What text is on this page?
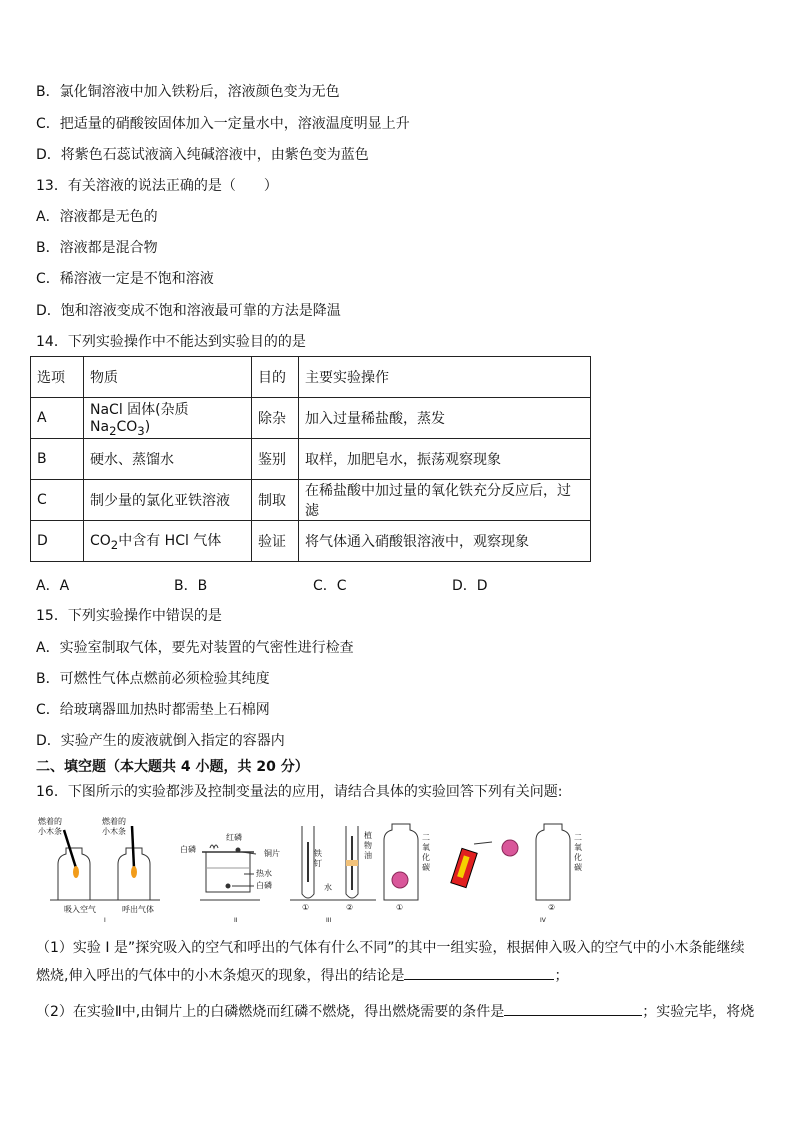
B．氯化铜溶液中加入铁粉后，溶液颜色变为无色
C．把适量的硝酸铵固体加入一定量水中，溶液温度明显上升
D．将紫色石蕊试液滴入纯碱溶液中，由紫色变为蓝色
13．有关溶液的说法正确的是（　　）
A．溶液都是无色的
B．溶液都是混合物
C．稀溶液一定是不饱和溶液
D．饱和溶液变成不饱和溶液最可靠的方法是降温
14．下列实验操作中不能达到实验目的的是
选项	物质	目的	主要实验操作
A	NaCl 固体(杂质 $Na_2CO_3$)	除杂	加入过量稀盐酸，蒸发
B	硬水、蒸馏水	鉴别	取样，加肥皂水，振荡观察现象
C	制少量的氯化亚铁溶液	制取	在稀盐酸中加过量的氧化铁充分反应后，过滤
D	$CO_2$中含有 HCl 气体	验证	将气体通入硝酸银溶液中，观察现象
A．A	B．B	C．C	D．D
15．下列实验操作中错误的是
A．实验室制取气体，要先对装置的气密性进行检查
B．可燃性气体点燃前必须检验其纯度
C．给玻璃器皿加热时都需垫上石棉网
D．实验产生的废液就倒入指定的容器内
二、填空题（本大题共 4 小题，共 20 分）
16．下图所示的实验都涉及控制变量法的应用，请结合具体的实验回答下列有关问题:
燃着的
小木条
燃着的
小木条
吸入空气	呼出气体
I
红磷
白磷	铜片
热水
白磷
II
铁
钉
水
植
物
油
①	②
III
二
氧
化
碳
①
二
氧
化
碳
②
IV
（1）实验 I 是”探究吸入的空气和呼出的气体有什么不同”的其中一组实验，根据伸入吸入的空气中的小木条能继续燃烧,伸入呼出的气体中的小木条熄灭的现象，得出的结论是	；
（2）在实验Ⅱ中,由铜片上的白磷燃烧而红磷不燃烧，得出燃烧需要的条件是	；实验完毕，将烧
